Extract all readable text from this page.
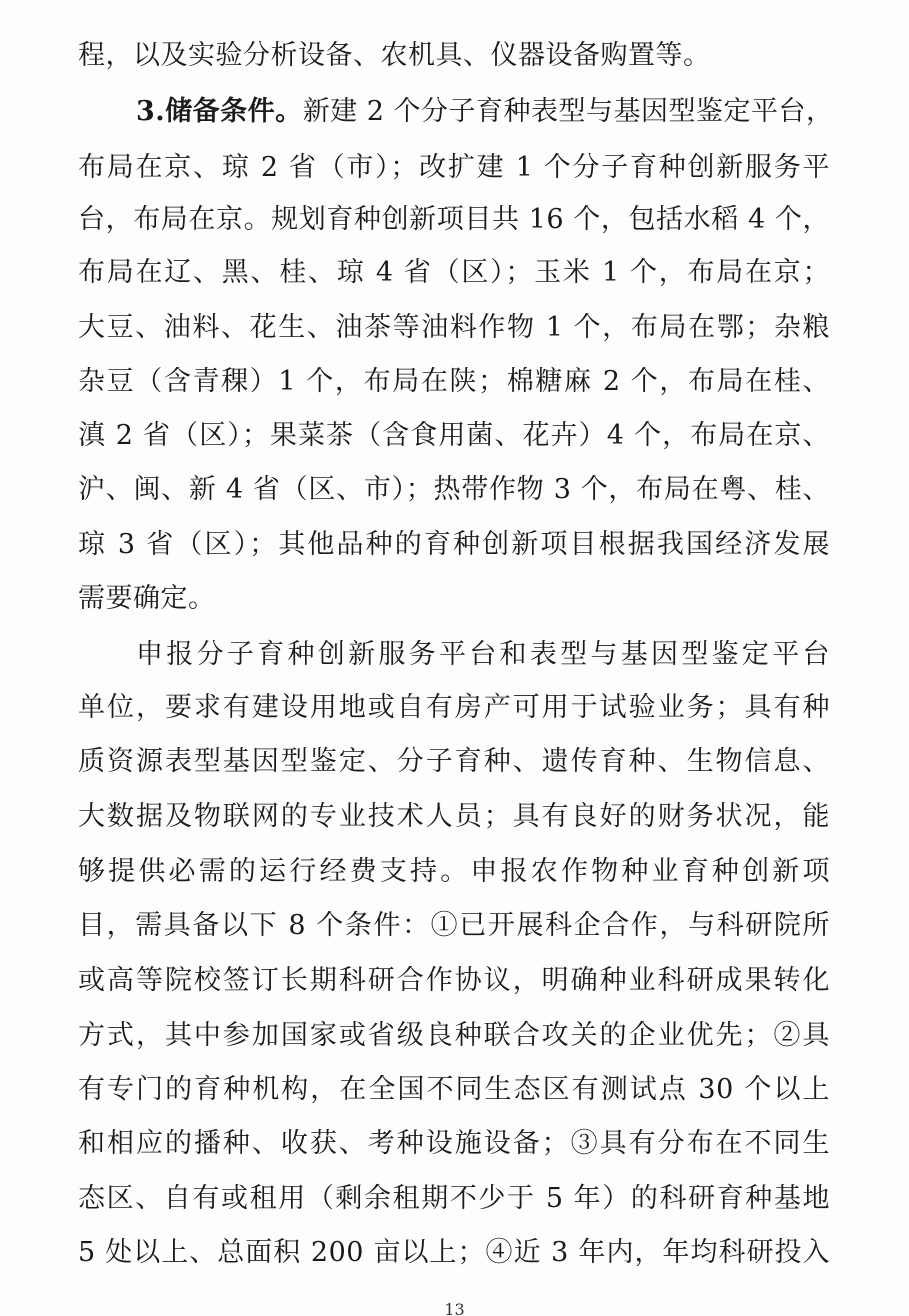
程，以及实验分析设备、农机具、仪器设备购置等。
3.储备条件。新建 2 个分子育种表型与基因型鉴定平台，
布局在京、琼 2 省（市）；改扩建 1 个分子育种创新服务平
台，布局在京。规划育种创新项目共 16 个，包括水稻 4 个，
布局在辽、黑、桂、琼 4 省（区）；玉米 1 个，布局在京；
大豆、油料、花生、油茶等油料作物 1 个，布局在鄂；杂粮
杂豆（含青稞）1 个，布局在陕；棉糖麻 2 个，布局在桂、
滇 2 省（区）；果菜茶（含食用菌、花卉）4 个，布局在京、
沪、闽、新 4 省（区、市）；热带作物 3 个，布局在粤、桂、
琼 3 省（区）；其他品种的育种创新项目根据我国经济发展
需要确定。
申报分子育种创新服务平台和表型与基因型鉴定平台
单位，要求有建设用地或自有房产可用于试验业务；具有种
质资源表型基因型鉴定、分子育种、遗传育种、生物信息、
大数据及物联网的专业技术人员；具有良好的财务状况，能
够提供必需的运行经费支持。申报农作物种业育种创新项
目，需具备以下 8 个条件：①已开展科企合作，与科研院所
或高等院校签订长期科研合作协议，明确种业科研成果转化
方式，其中参加国家或省级良种联合攻关的企业优先；②具
有专门的育种机构，在全国不同生态区有测试点 30 个以上
和相应的播种、收获、考种设施设备；③具有分布在不同生
态区、自有或租用（剩余租期不少于 5 年）的科研育种基地
5 处以上、总面积 200 亩以上；④近 3 年内，年均科研投入
13
